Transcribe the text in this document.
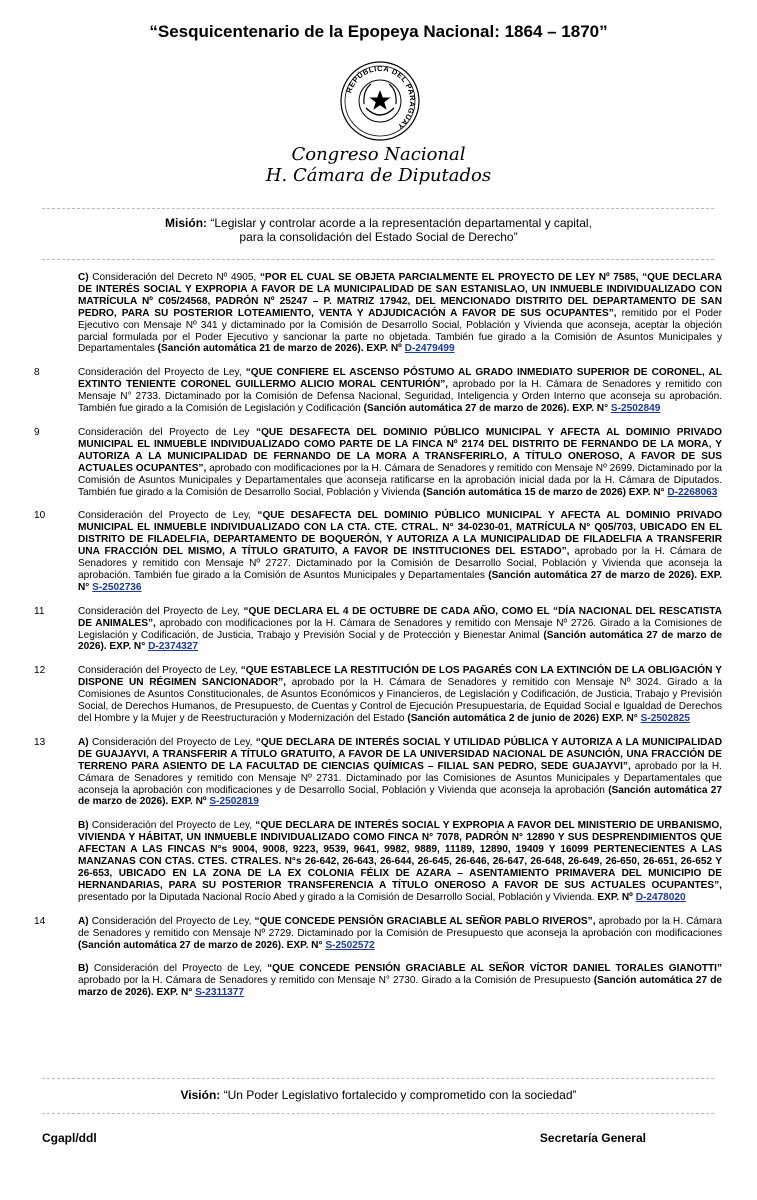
“Sesquicentenario de la Epopeya Nacional: 1864 – 1870”
REPÚBLICA DEL PARAGUAY
Congreso Nacional
H. Cámara de Diputados
Misión: “Legislar y controlar acorde a la representación departamental y capital,
para la consolidación del Estado Social de Derecho”

C) Consideración del Decreto Nº 4905, “POR EL CUAL SE OBJETA PARCIALMENTE EL PROYECTO DE LEY Nº 7585, “QUE DECLARA DE INTERÉS SOCIAL Y EXPROPIA A FAVOR DE LA MUNICIPALIDAD DE SAN ESTANISLAO, UN INMUEBLE INDIVIDUALIZADO CON MATRÍCULA Nº C05/24568, PADRÓN Nº 25247 – P. MATRIZ 17942, DEL MENCIONADO DISTRITO DEL DEPARTAMENTO DE SAN PEDRO, PARA SU POSTERIOR LOTEAMIENTO, VENTA Y ADJUDICACIÓN A FAVOR DE SUS OCUPANTES”, remitido por el Poder Ejecutivo con Mensaje Nº 341 y dictaminado por la Comisión de Desarrollo Social, Población y Vivienda que aconseja, aceptar la objeción parcial formulada por el Poder Ejecutivo y sancionar la parte no objetada. También fue girado a la Comisión de Asuntos Municipales y Departamentales (Sanción automática 21 de marzo de 2026). EXP. Nº D-2479499

8	Consideración del Proyecto de Ley, “QUE CONFIERE EL ASCENSO PÓSTUMO AL GRADO INMEDIATO SUPERIOR DE CORONEL, AL EXTINTO TENIENTE CORONEL GUILLERMO ALICIO MORAL CENTURIÓN”, aprobado por la H. Cámara de Senadores y remitido con Mensaje N° 2733. Dictaminado por la Comisión de Defensa Nacional, Seguridad, Inteligencia y Orden Interno que aconseja su aprobación. También fue girado a la Comisión de Legislación y Codificación (Sanción automática 27 de marzo de 2026). EXP. N° S-2502849

9	Consideración del Proyecto de Ley “QUE DESAFECTA DEL DOMINIO PÚBLICO MUNICIPAL Y AFECTA AL DOMINIO PRIVADO MUNICIPAL EL INMUEBLE INDIVIDUALIZADO COMO PARTE DE LA FINCA Nº 2174 DEL DISTRITO DE FERNANDO DE LA MORA, Y AUTORIZA A LA MUNICIPALIDAD DE FERNANDO DE LA MORA A TRANSFERIRLO, A TÍTULO ONEROSO, A FAVOR DE SUS ACTUALES OCUPANTES”, aprobado con modificaciones por la H. Cámara de Senadores y remitido con Mensaje Nº 2699. Dictaminado por la Comisión de Asuntos Municipales y Departamentales que aconseja ratificarse en la aprobación inicial dada por la H. Cámara de Diputados. También fue girado a la Comisión de Desarrollo Social, Población y Vivienda (Sanción automática 15 de marzo de 2026) EXP. N° D-2268063

10	Consideración del Proyecto de Ley, “QUE DESAFECTA DEL DOMINIO PÚBLICO MUNICIPAL Y AFECTA AL DOMINIO PRIVADO MUNICIPAL EL INMUEBLE INDIVIDUALIZADO CON LA CTA. CTE. CTRAL. N° 34-0230-01, MATRÍCULA N° Q05/703, UBICADO EN EL DISTRITO DE FILADELFIA, DEPARTAMENTO DE BOQUERÓN, Y AUTORIZA A LA MUNICIPALIDAD DE FILADELFIA A TRANSFERIR UNA FRACCIÓN DEL MISMO, A TÍTULO GRATUITO, A FAVOR DE INSTITUCIONES DEL ESTADO”, aprobado por la H. Cámara de Senadores y remitido con Mensaje Nº 2727. Dictaminado por la Comisión de Desarrollo Social, Población y Vivienda que aconseja la aprobación. También fue girado a la Comisión de Asuntos Municipales y Departamentales (Sanción automática 27 de marzo de 2026). EXP. N° S-2502736

11	Consideración del Proyecto de Ley, “QUE DECLARA EL 4 DE OCTUBRE DE CADA AÑO, COMO EL “DÍA NACIONAL DEL RESCATISTA DE ANIMALES”, aprobado con modificaciones por la H. Cámara de Senadores y remitido con Mensaje Nº 2726. Girado a la Comisiones de Legislación y Codificación, de Justicia, Trabajo y Previsión Social y de Protección y Bienestar Animal (Sanción automática 27 de marzo de 2026). EXP. N° D-2374327

12	Consideración del Proyecto de Ley, “QUE ESTABLECE LA RESTITUCIÓN DE LOS PAGARÉS CON LA EXTINCIÓN DE LA OBLIGACIÓN Y DISPONE UN RÉGIMEN SANCIONADOR”, aprobado por la H. Cámara de Senadores y remitido con Mensaje Nº 3024. Girado a la Comisiones de Asuntos Constitucionales, de Asuntos Económicos y Financieros, de Legislación y Codificación, de Justicia, Trabajo y Previsión Social, de Derechos Humanos, de Presupuesto, de Cuentas y Control de Ejecución Presupuestaria, de Equidad Social e Igualdad de Derechos del Hombre y la Mujer y de Reestructuración y Modernización del Estado (Sanción automática 2 de junio de 2026) EXP. N° S-2502825

13	A) Consideración del Proyecto de Ley, “QUE DECLARA DE INTERÉS SOCIAL Y UTILIDAD PÚBLICA Y AUTORIZA A LA MUNICIPALIDAD DE GUAJAYVI, A TRANSFERIR A TÍTULO GRATUITO, A FAVOR DE LA UNIVERSIDAD NACIONAL DE ASUNCIÓN, UNA FRACCIÓN DE TERRENO PARA ASIENTO DE LA FACULTAD DE CIENCIAS QUÍMICAS – FILIAL SAN PEDRO, SEDE GUAJAYVI”, aprobado por la H. Cámara de Senadores y remitido con Mensaje Nº 2731. Dictaminado por las Comisiones de Asuntos Municipales y Departamentales que aconseja la aprobación con modificaciones y de Desarrollo Social, Población y Vivienda que aconseja la aprobación (Sanción automática 27 de marzo de 2026). EXP. Nº S-2502819

B) Consideración del Proyecto de Ley, “QUE DECLARA DE INTERÉS SOCIAL Y EXPROPIA A FAVOR DEL MINISTERIO DE URBANISMO, VIVIENDA Y HÁBITAT, UN INMUEBLE INDIVIDUALIZADO COMO FINCA N° 7078, PADRÓN N° 12890 Y SUS DESPRENDIMIENTOS QUE AFECTAN A LAS FINCAS N°s 9004, 9008, 9223, 9539, 9641, 9982, 9889, 11189, 12890, 19409 Y 16099 PERTENECIENTES A LAS MANZANAS CON CTAS. CTES. CTRALES. N°s 26-642, 26-643, 26-644, 26-645, 26-646, 26-647, 26-648, 26-649, 26-650, 26-651, 26-652 Y 26-653, UBICADO EN LA ZONA DE LA EX COLONIA FÉLIX DE AZARA – ASENTAMIENTO PRIMAVERA DEL MUNICIPIO DE HERNANDARIAS, PARA SU POSTERIOR TRANSFERENCIA A TÍTULO ONEROSO A FAVOR DE SUS ACTUALES OCUPANTES”, presentado por la Diputada Nacional Rocío Abed y girado a la Comisión de Desarrollo Social, Población y Vivienda. EXP. Nº D-2478020

14	A) Consideración del Proyecto de Ley, “QUE CONCEDE PENSIÓN GRACIABLE AL SEÑOR PABLO RIVEROS”, aprobado por la H. Cámara de Senadores y remitido con Mensaje Nº 2729. Dictaminado por la Comisión de Presupuesto que aconseja la aprobación con modificaciones (Sanción automática 27 de marzo de 2026). EXP. N° S-2502572

B) Consideración del Proyecto de Ley, “QUE CONCEDE PENSIÓN GRACIABLE AL SEÑOR VÍCTOR DANIEL TORALES GIANOTTI” aprobado por la H. Cámara de Senadores y remitido con Mensaje N° 2730. Girado a la Comisión de Presupuesto (Sanción automática 27 de marzo de 2026). EXP. N° S-2311377

Visión: “Un Poder Legislativo fortalecido y comprometido con la sociedad”
Cgapl/ddl	Secretaría General
